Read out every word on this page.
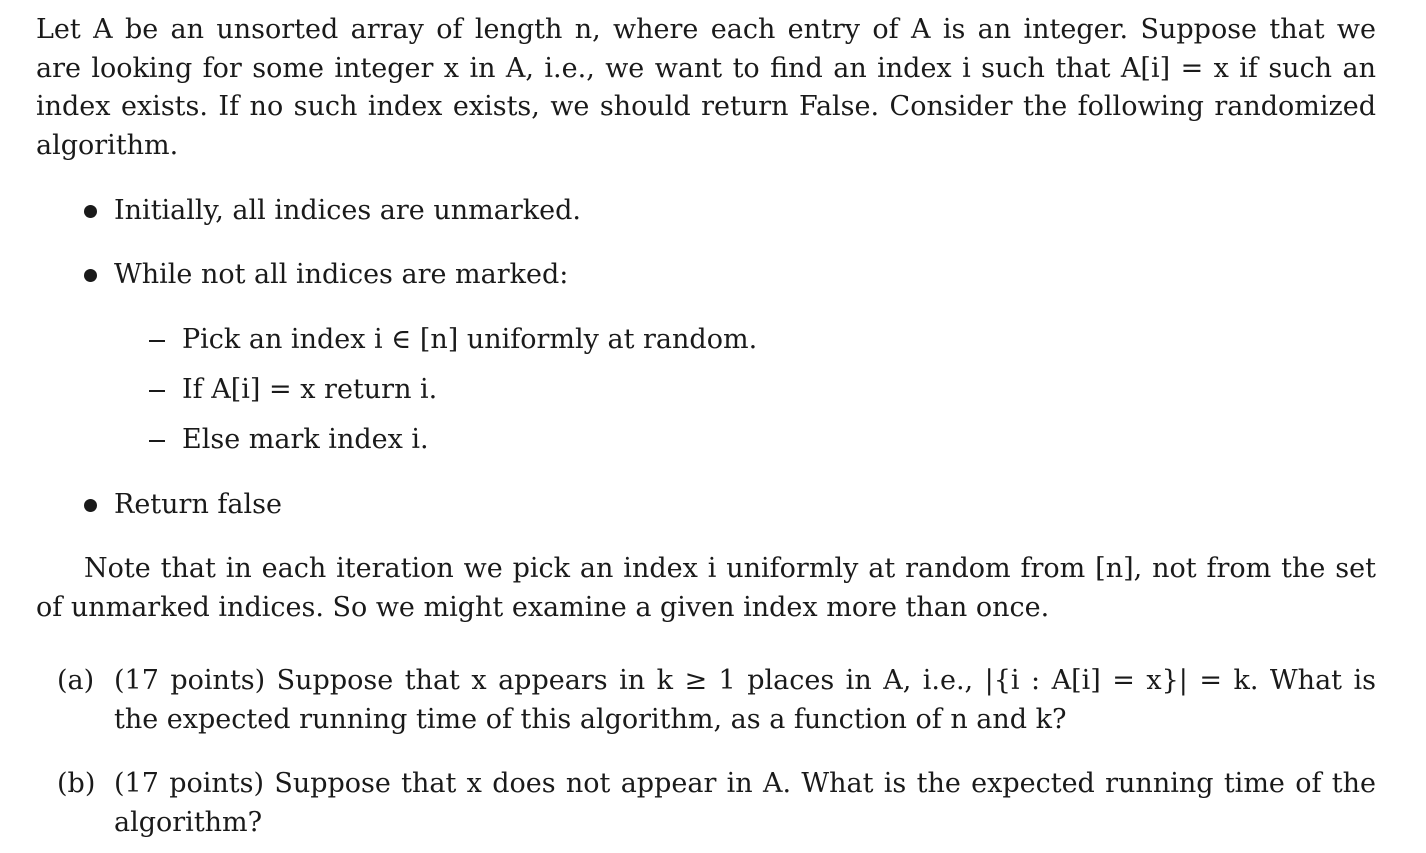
Let A be an unsorted array of length n, where each entry of A is an integer. Suppose that we
are looking for some integer x in A, i.e., we want to find an index i such that A[i] = x if such an
index exists. If no such index exists, we should return False. Consider the following randomized
algorithm.
Initially, all indices are unmarked.
While not all indices are marked:
Pick an index i ∈ [n] uniformly at random.
If A[i] = x return i.
Else mark index i.
Return false
Note that in each iteration we pick an index i uniformly at random from [n], not from the set
of unmarked indices. So we might examine a given index more than once.
(a) (17 points) Suppose that x appears in k ≥ 1 places in A, i.e., |{i : A[i] = x}| = k. What is
the expected running time of this algorithm, as a function of n and k?
(b) (17 points) Suppose that x does not appear in A. What is the expected running time of the
algorithm?
